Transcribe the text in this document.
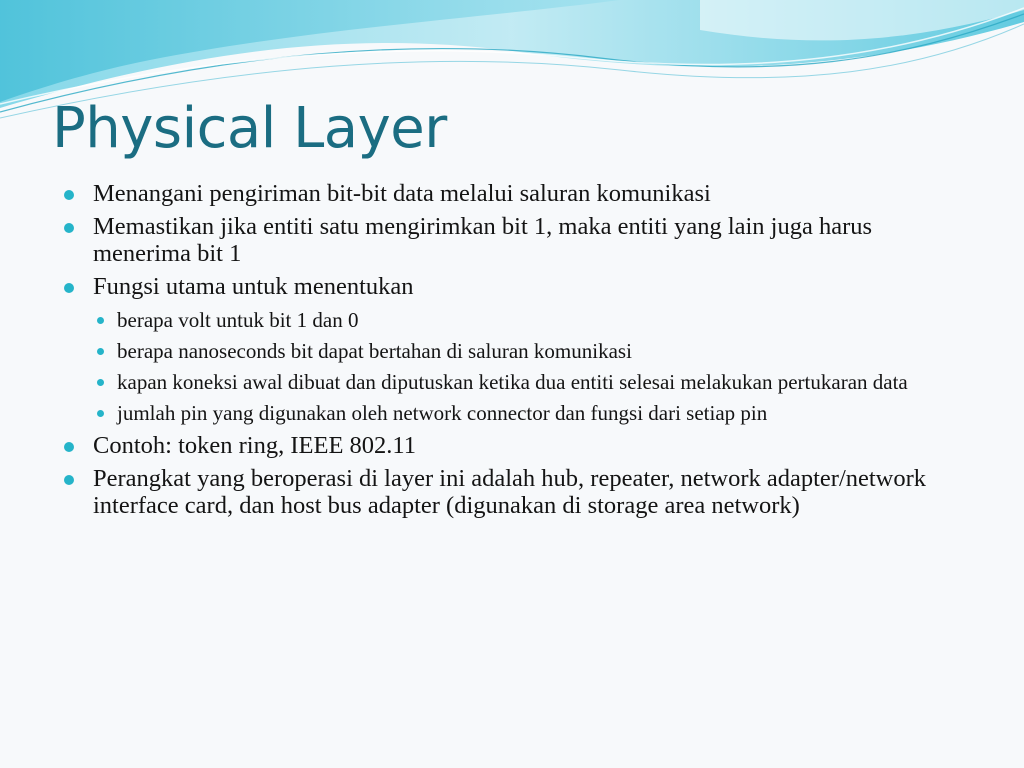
Physical Layer
Menangani pengiriman bit-bit data melalui saluran komunikasi
Memastikan jika entiti satu mengirimkan bit 1, maka entiti yang lain juga harus menerima bit 1
Fungsi utama untuk menentukan
berapa volt untuk bit 1 dan 0
berapa nanoseconds bit dapat bertahan di saluran komunikasi
kapan koneksi awal dibuat dan diputuskan ketika dua entiti selesai melakukan pertukaran data
jumlah pin yang digunakan oleh network connector dan fungsi dari setiap pin
Contoh: token ring, IEEE 802.11
Perangkat yang beroperasi di layer ini adalah hub, repeater, network adapter/network interface card, dan host bus adapter (digunakan di storage area network)
